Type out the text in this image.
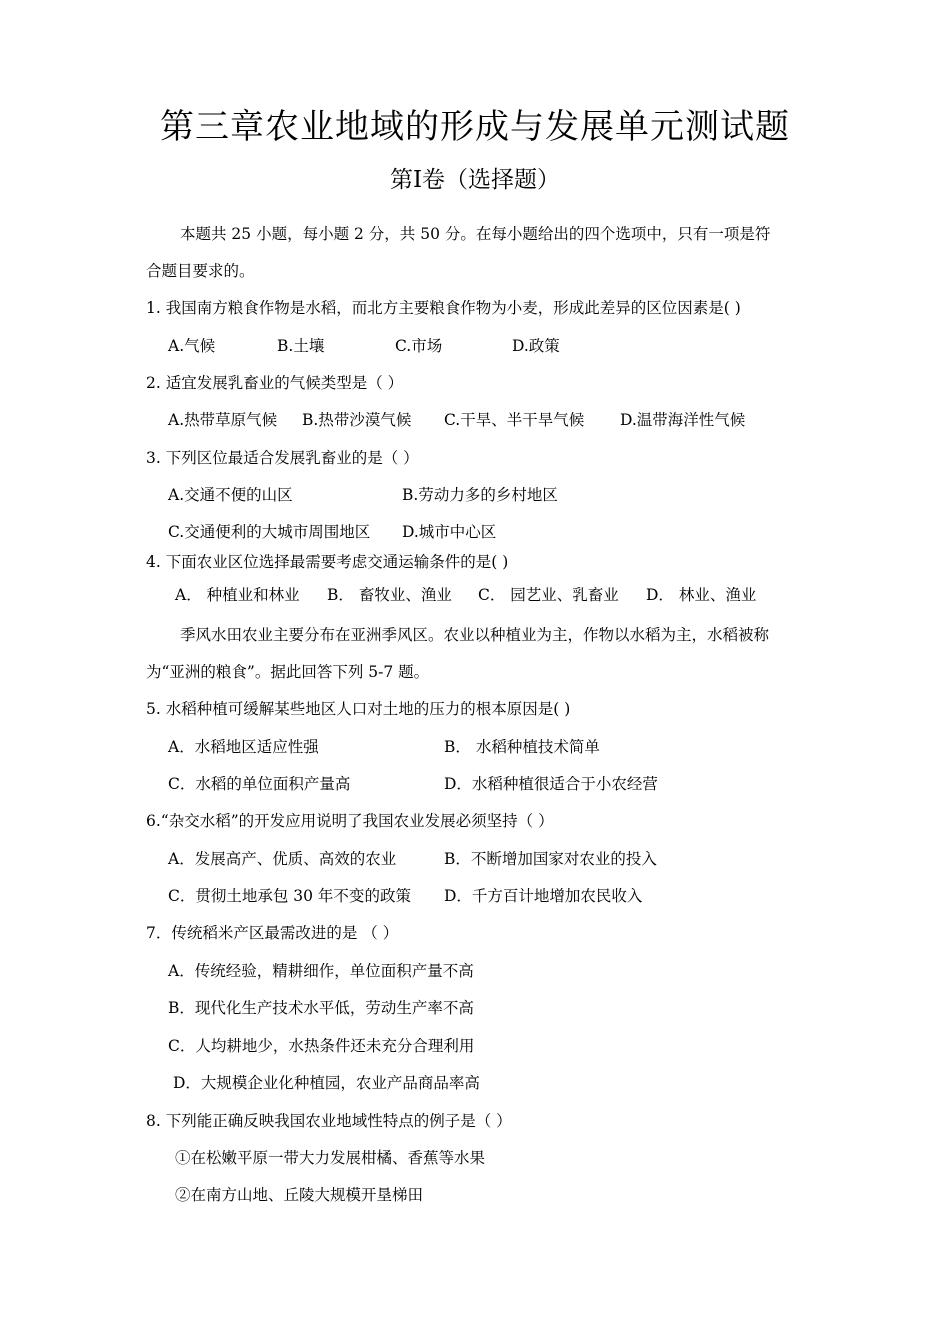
第三章农业地域的形成与发展单元测试题
第Ⅰ卷（选择题）
本题共 25 小题，每小题 2 分，共 50 分。在每小题给出的四个选项中，只有一项是符
合题目要求的。
1. 我国南方粮食作物是水稻，而北方主要粮食作物为小麦，形成此差异的区位因素是( )
A.气候	B.土壤	C.市场	D.政策
2. 适宜发展乳畜业的气候类型是（ ）
A.热带草原气候 B.热带沙漠气候 C.干旱、半干旱气候 D.温带海洋性气候
3. 下列区位最适合发展乳畜业的是（ ）
A.交通不便的山区	B.劳动力多的乡村地区
C.交通便利的大城市周围地区 D.城市中心区
4. 下面农业区位选择最需要考虑交通运输条件的是( )
A． 种植业和林业 B． 畜牧业、渔业 C． 园艺业、乳畜业 D． 林业、渔业
季风水田农业主要分布在亚洲季风区。农业以种植业为主，作物以水稻为主，水稻被称
为“亚洲的粮食”。据此回答下列 5-7 题。
5. 水稻种植可缓解某些地区人口对土地的压力的根本原因是( )
A．水稻地区适应性强	B． 水稻种植技术简单
C．水稻的单位面积产量高	D．水稻种植很适合于小农经营
6.“杂交水稻”的开发应用说明了我国农业发展必须坚持（ ）
A．发展高产、优质、高效的农业	B．不断增加国家对农业的投入
C．贯彻土地承包 30 年不变的政策 D．千方百计地增加农民收入
7．传统稻米产区最需改进的是 （ ）
A．传统经验，精耕细作，单位面积产量不高
B．现代化生产技术水平低，劳动生产率不高
C．人均耕地少，水热条件还未充分合理利用
D．大规模企业化种植园，农业产品商品率高
8. 下列能正确反映我国农业地域性特点的例子是（ ）
①在松嫩平原一带大力发展柑橘、香蕉等水果
②在南方山地、丘陵大规模开垦梯田
